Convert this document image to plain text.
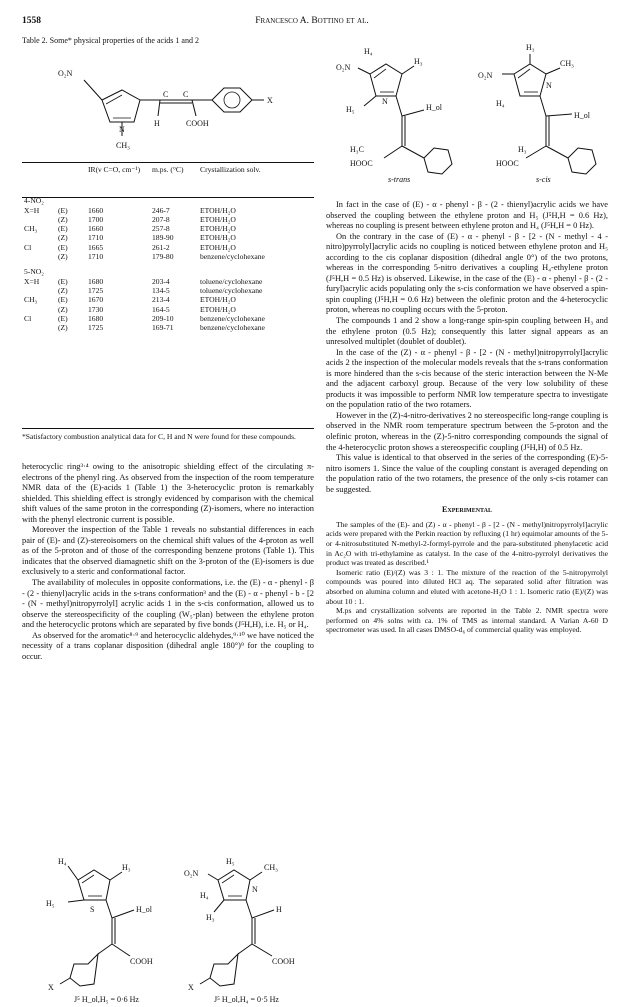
1558	Francesco A. Bottino et al.
Table 2. Some* physical properties of the acids 1 and 2
O₂N
N
CH₃
C C
H	COOH
X
		IR(ν C=O, cm⁻¹)	m.ps. (°C)	Crystallization solv.

4-NO₂				
X=H	(E)	1660	246-7	ETOH/H₂O
	(Z)	1700	207-8	ETOH/H₂O
CH₃	(E)	1660	257-8	ETOH/H₂O
	(Z)	1710	189-90	ETOH/H₂O
Cl	(E)	1665	261-2	ETOH/H₂O
	(Z)	1710	179-80	benzene/cyclohexane

5-NO₂				
X=H	(E)	1680	203-4	toluene/cyclohexane
	(Z)	1725	134-5	toluene/cyclohexane
CH₃	(E)	1670	213-4	ETOH/H₂O
	(Z)	1730	164-5	ETOH/H₂O
Cl	(E)	1680	209-10	benzene/cyclohexane
	(Z)	1725	169-71	benzene/cyclohexane
*Satisfactory combustion analytical data for C, H and N were found for these compounds.
O₂N
H₄
H₃
H₅	H_ol
N
H₃C
HOOC
s-trans
H₃
O₂N
CH₃
N
H₄
H_ol
H₃
HOOC
s-cis

heterocyclic ring³·⁴ owing to the anisotropic shielding effect of the circulating π-electrons of the phenyl ring. As observed from the inspection of the room temperature NMR data of the (E)-acids 1 (Table 1) the 3-heterocyclic proton is remarkably shielded. This shielding effect is strongly evidenced by comparison with the chemical shift values of the same proton in the corresponding (Z)-isomers, where no interaction with the phenyl electronic current is possible.

Moreover the inspection of the Table 1 reveals no substantial differences in each pair of (E)- and (Z)-stereoisomers on the chemical shift values of the 4-proton as well as of the 5-proton and of those of the corresponding benzene protons (Table 1). This indicates that the observed diamagnetic shift on the 3-proton of the (E)-isomers is due exclusively to a steric and conformational factor.

The availability of molecules in opposite conformations, i.e. the (E) - α - phenyl - β - (2 - thienyl)acrylic acids in the s-trans conformation³ and the (E) - α - phenyl - b - [2 - (N - methyl)nitropyrrolyl] acrylic acids 1 in the s-cis conformation, allowed us to observe the stereospecificity of the coupling (W₅-plan) between the ethylene proton and the heterocyclic protons which are separated by five bonds (J⁵H,H), i.e. H₅ or H₄.

As observed for the aromatic⁸·⁹ and heterocyclic aldehydes,⁹·¹⁰ we have noticed the necessity of a trans coplanar disposition (dihedral angle 180°)⁹ for the coupling to occur.

H₄
H₃
H₅
S	H_ol
COOH
X
J⁵ H_ol,H₅ = 0·6 Hz
H₅
O₂N
CH₃
N
H₄
H₃
H
COOH
X
J⁵ H_ol,H₄ = 0·5 Hz

In fact in the case of (E) - α - phenyl - β - (2 - thienyl)acrylic acids we have observed the coupling between the ethylene proton and H₅ (J⁵H,H = 0.6 Hz), whereas no coupling is present between ethylene proton and H₄ (J⁵H,H = 0 Hz).

On the contrary in the case of (E) - α - phenyl - β - [2 - (N - methyl - 4 - nitro)pyrrolyl]acrylic acids no coupling is noticed between ethylene proton and H₅ according to the cis coplanar disposition (dihedral angle 0°) of the two protons, whereas in the corresponding 5-nitro derivatives a coupling H₄-ethylene proton (J⁵H,H = 0.5 Hz) is observed. Likewise, in the case of the (E) - α - phenyl - β - (2 - furyl)acrylic acids populating only the s-cis conformation we have observed a spin-spin coupling (J⁵H,H = 0.6 Hz) between the olefinic proton and the 4-heterocyclic proton, whereas no coupling occurs with the 5-proton.

The compounds 1 and 2 show a long-range spin-spin coupling between H₃ and the ethylene proton (0.5 Hz); consequently this latter signal appears as an unresolved multiplet (doublet of doublet).

In the case of the (Z) - α - phenyl - β - [2 - (N - methyl)nitropyrrolyl]acrylic acids 2 the inspection of the molecular models reveals that the s-trans conformation is more hindered than the s-cis because of the steric interaction between the N-Me and the adjacent carboxyl group. Because of the very low solubility of these products it was impossible to perform NMR low temperature spectra to investigate on the population ratio of the two rotamers.

However in the (Z)-4-nitro-derivatives 2 no stereospecific long-range coupling is observed in the NMR room temperature spectrum between the 5-proton and the olefinic proton, whereas in the (Z)-5-nitro corresponding compounds the signal of the 4-heterocyclic proton shows a stereospecific coupling (J⁵H,H) of 0.5 Hz.

This value is identical to that observed in the series of the corresponding (E)-5-nitro isomers 1. Since the value of the coupling constant is averaged depending on the population ratio of the two rotamers, the presence of the only s-cis rotamer can be suggested.

Experimental

The samples of the (E)- and (Z) - α - phenyl - β - [2 - (N - methyl)nitropyrrolyl]acrylic acids were prepared with the Perkin reaction by refluxing (1 hr) equimolar amounts of the 5- or 4-nitrosubstituted N-methyl-2-formyl-pyrrole and the para-substituted phenylacetic acid in Ac₂O with tri-ethylamine as catalyst. In the case of the 4-nitro-pyrrolyl derivatives the product was treated as described.¹

Isomeric ratio (E)/(Z) was 3 : 1. The mixture of the reaction of the 5-nitropyrrolyl compounds was poured into diluted HCl aq. The separated solid after filtration was absorbed on alumina column and eluted with acetone-H₂O 1 : 1. Isomeric ratio (E)/(Z) was about 10 : 1.

M.ps and crystallization solvents are reported in the Table 2. NMR spectra were performed on 4% solns with ca. 1% of TMS as internal standard. A Varian A-60 D spectrometer was used. In all cases DMSO-d₆ of commercial quality was employed.
